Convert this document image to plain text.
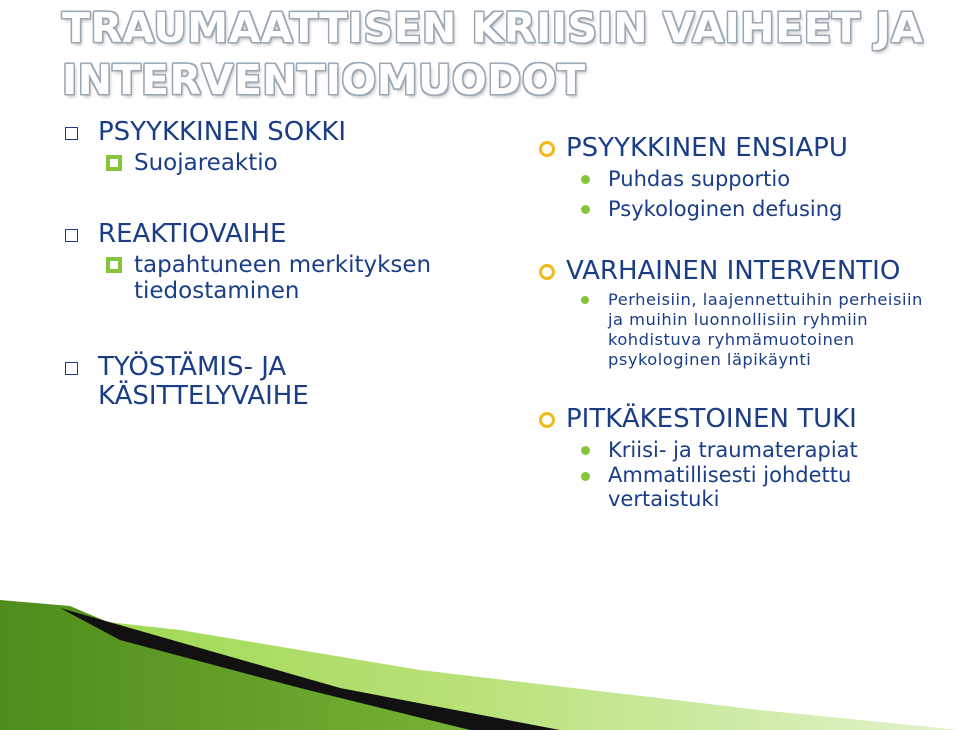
TRAUMAATTISEN KRIISIN VAIHEET JA
INTERVENTIOMUODOT
PSYYKKINEN SOKKI
Suojareaktio
REAKTIOVAIHE
tapahtuneen merkityksen
tiedostaminen
TYÖSTÄMIS- JA
KÄSITTELYVAIHE
PSYYKKINEN ENSIAPU
Puhdas supportio
Psykologinen defusing
VARHAINEN INTERVENTIO
Perheisiin, laajennettuihin perheisiin
ja muihin luonnollisiin ryhmiin
kohdistuva ryhmämuotoinen
psykologinen läpikäynti
PITKÄKESTOINEN TUKI
Kriisi- ja traumaterapiat
Ammatillisesti johdettu
vertaistuki
